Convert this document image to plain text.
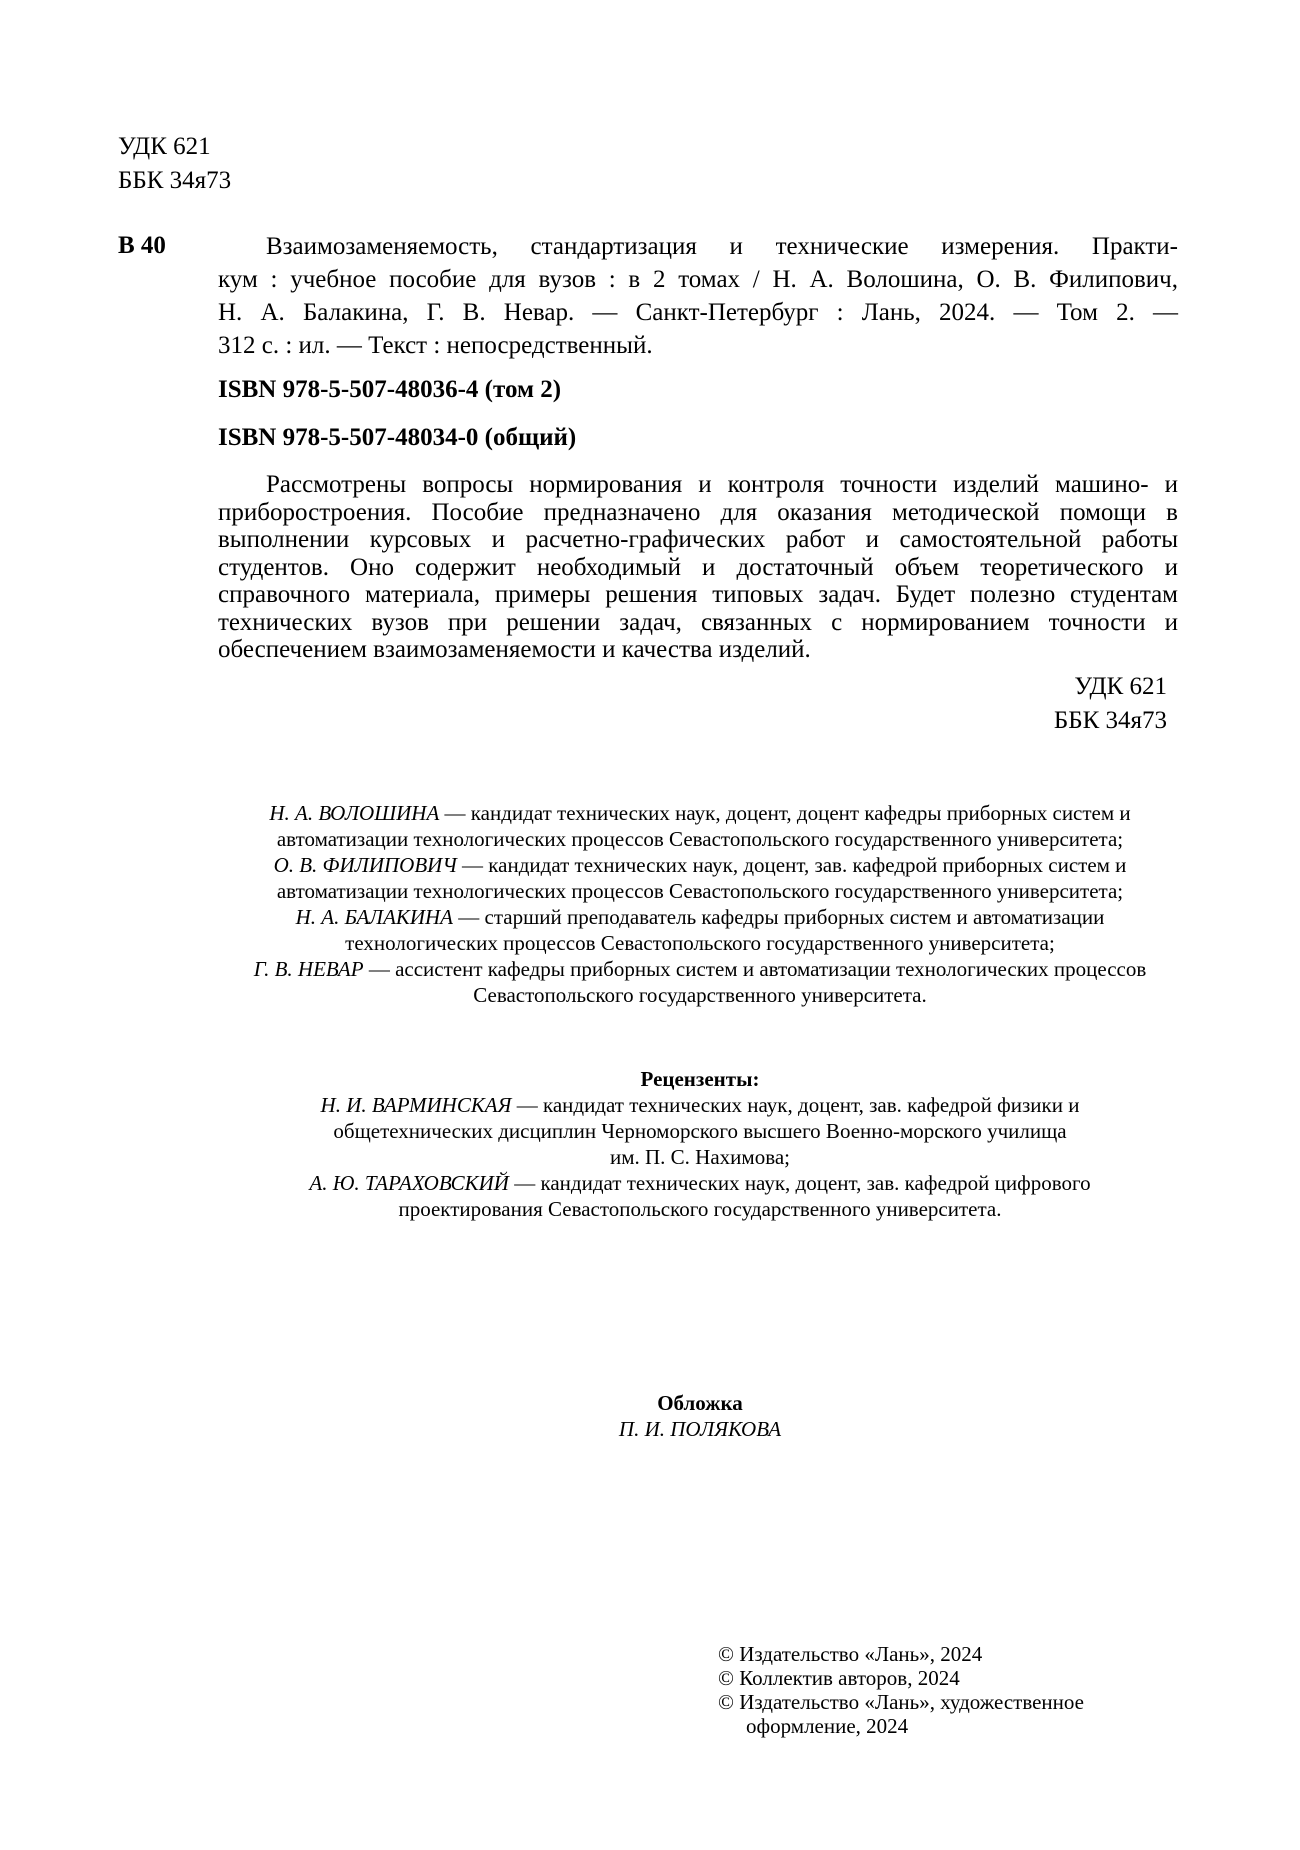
УДК 621
ББК 34я73
В 40	Взаимозаменяемость, стандартизация и технические измерения. Практи-
кум : учебное пособие для вузов : в 2 томах / Н. А. Волошина, О. В. Филипович,
Н. А. Балакина, Г. В. Невар. — Санкт-Петербург : Лань, 2024. — Том 2. —
312 с. : ил. — Текст : непосредственный.
ISBN 978-5-507-48036-4 (том 2)
ISBN 978-5-507-48034-0 (общий)
Рассмотрены вопросы нормирования и контроля точности изделий машино- и
приборостроения. Пособие предназначено для оказания методической помощи в
выполнении курсовых и расчетно-графических работ и самостоятельной работы
студентов. Оно содержит необходимый и достаточный объем теоретического и
справочного материала, примеры решения типовых задач. Будет полезно студентам
технических вузов при решении задач, связанных с нормированием точности и
обеспечением взаимозаменяемости и качества изделий.
УДК 621
ББК 34я73
Н. А. ВОЛОШИНА — кандидат технических наук, доцент, доцент кафедры приборных систем и
автоматизации технологических процессов Севастопольского государственного университета;
О. В. ФИЛИПОВИЧ — кандидат технических наук, доцент, зав. кафедрой приборных систем и
автоматизации технологических процессов Севастопольского государственного университета;
Н. А. БАЛАКИНА — старший преподаватель кафедры приборных систем и автоматизации
технологических процессов Севастопольского государственного университета;
Г. В. НЕВАР — ассистент кафедры приборных систем и автоматизации технологических процессов
Севастопольского государственного университета.
Рецензенты:
Н. И. ВАРМИНСКАЯ — кандидат технических наук, доцент, зав. кафедрой физики и
общетехнических дисциплин Черноморского высшего Военно-морского училища
им. П. С. Нахимова;
А. Ю. ТАРАХОВСКИЙ — кандидат технических наук, доцент, зав. кафедрой цифрового
проектирования Севастопольского государственного университета.
Обложка
П. И. ПОЛЯКОВА
© Издательство «Лань», 2024
© Коллектив авторов, 2024
© Издательство «Лань», художественное
оформление, 2024
